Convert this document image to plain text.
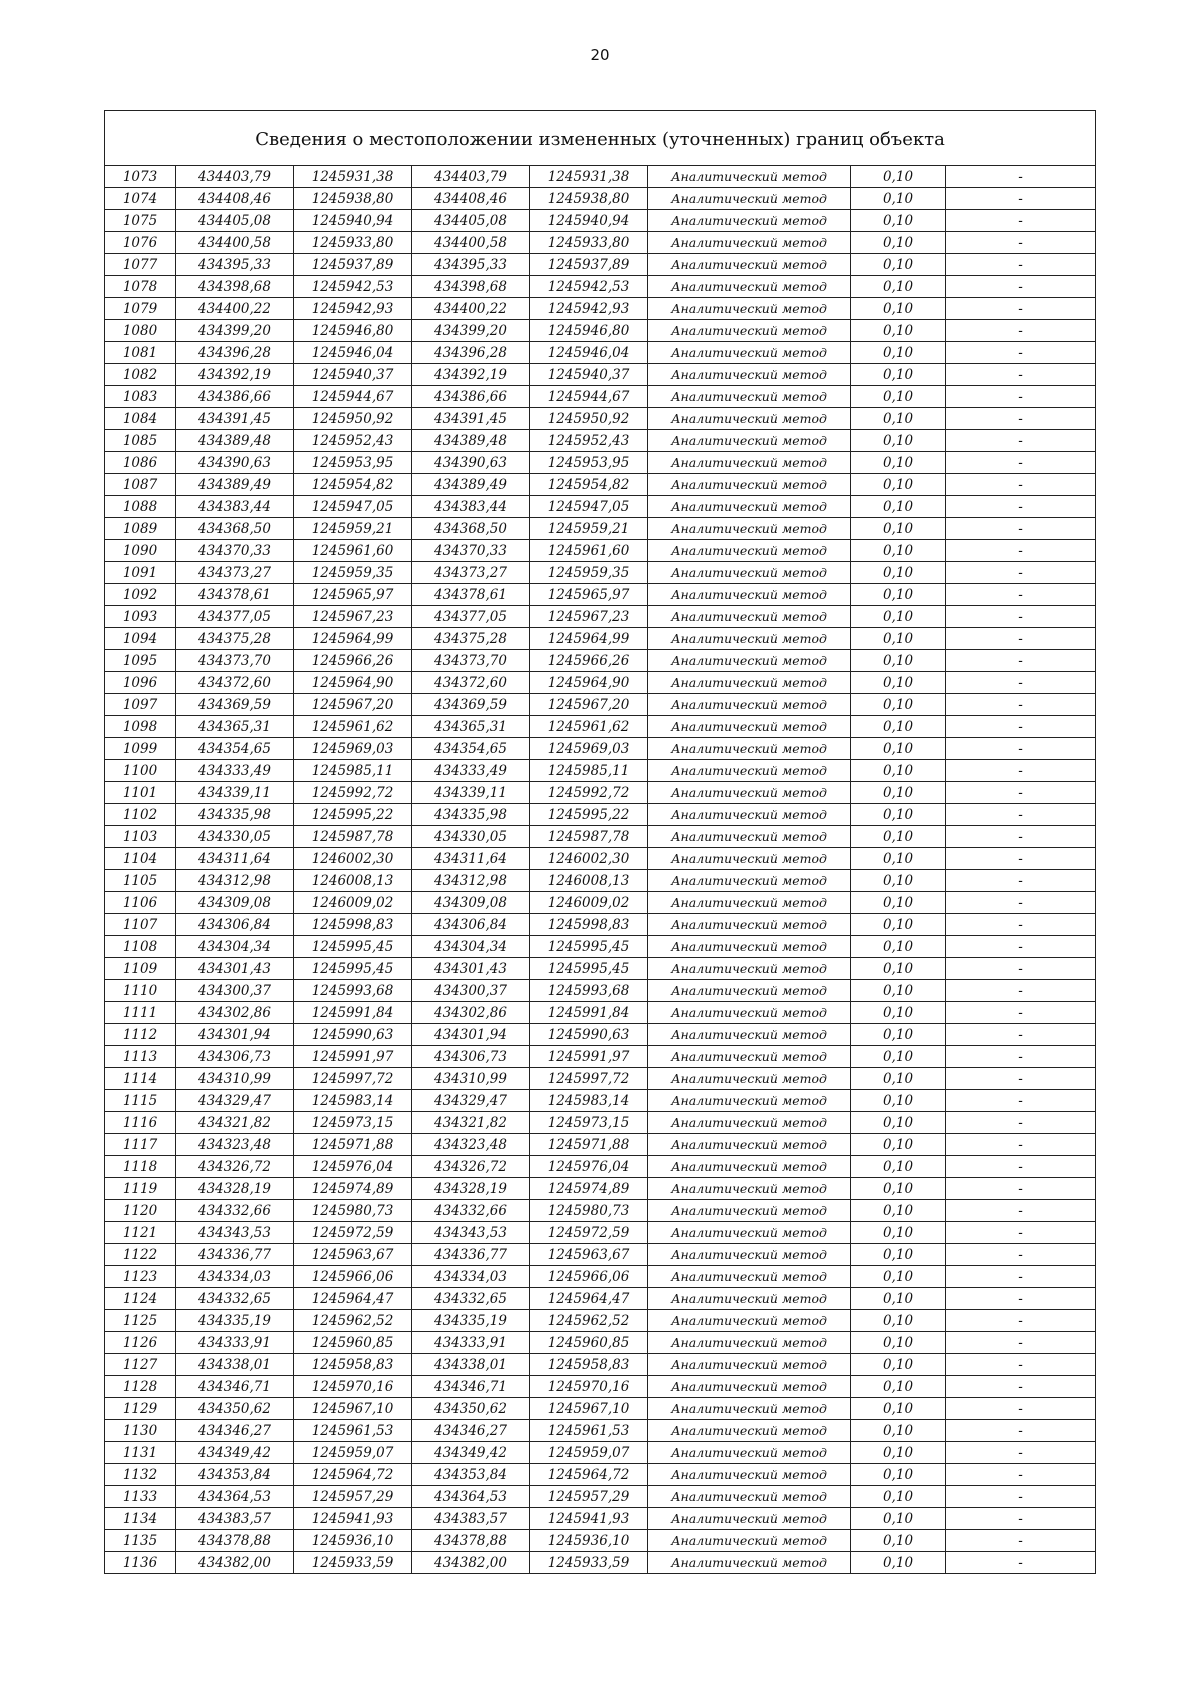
20
Сведения о местоположении измененных (уточненных) границ объекта							
1073	434403,79	1245931,38	434403,79	1245931,38	Аналитический метод	0,10	-
1074	434408,46	1245938,80	434408,46	1245938,80	Аналитический метод	0,10	-
1075	434405,08	1245940,94	434405,08	1245940,94	Аналитический метод	0,10	-
1076	434400,58	1245933,80	434400,58	1245933,80	Аналитический метод	0,10	-
1077	434395,33	1245937,89	434395,33	1245937,89	Аналитический метод	0,10	-
1078	434398,68	1245942,53	434398,68	1245942,53	Аналитический метод	0,10	-
1079	434400,22	1245942,93	434400,22	1245942,93	Аналитический метод	0,10	-
1080	434399,20	1245946,80	434399,20	1245946,80	Аналитический метод	0,10	-
1081	434396,28	1245946,04	434396,28	1245946,04	Аналитический метод	0,10	-
1082	434392,19	1245940,37	434392,19	1245940,37	Аналитический метод	0,10	-
1083	434386,66	1245944,67	434386,66	1245944,67	Аналитический метод	0,10	-
1084	434391,45	1245950,92	434391,45	1245950,92	Аналитический метод	0,10	-
1085	434389,48	1245952,43	434389,48	1245952,43	Аналитический метод	0,10	-
1086	434390,63	1245953,95	434390,63	1245953,95	Аналитический метод	0,10	-
1087	434389,49	1245954,82	434389,49	1245954,82	Аналитический метод	0,10	-
1088	434383,44	1245947,05	434383,44	1245947,05	Аналитический метод	0,10	-
1089	434368,50	1245959,21	434368,50	1245959,21	Аналитический метод	0,10	-
1090	434370,33	1245961,60	434370,33	1245961,60	Аналитический метод	0,10	-
1091	434373,27	1245959,35	434373,27	1245959,35	Аналитический метод	0,10	-
1092	434378,61	1245965,97	434378,61	1245965,97	Аналитический метод	0,10	-
1093	434377,05	1245967,23	434377,05	1245967,23	Аналитический метод	0,10	-
1094	434375,28	1245964,99	434375,28	1245964,99	Аналитический метод	0,10	-
1095	434373,70	1245966,26	434373,70	1245966,26	Аналитический метод	0,10	-
1096	434372,60	1245964,90	434372,60	1245964,90	Аналитический метод	0,10	-
1097	434369,59	1245967,20	434369,59	1245967,20	Аналитический метод	0,10	-
1098	434365,31	1245961,62	434365,31	1245961,62	Аналитический метод	0,10	-
1099	434354,65	1245969,03	434354,65	1245969,03	Аналитический метод	0,10	-
1100	434333,49	1245985,11	434333,49	1245985,11	Аналитический метод	0,10	-
1101	434339,11	1245992,72	434339,11	1245992,72	Аналитический метод	0,10	-
1102	434335,98	1245995,22	434335,98	1245995,22	Аналитический метод	0,10	-
1103	434330,05	1245987,78	434330,05	1245987,78	Аналитический метод	0,10	-
1104	434311,64	1246002,30	434311,64	1246002,30	Аналитический метод	0,10	-
1105	434312,98	1246008,13	434312,98	1246008,13	Аналитический метод	0,10	-
1106	434309,08	1246009,02	434309,08	1246009,02	Аналитический метод	0,10	-
1107	434306,84	1245998,83	434306,84	1245998,83	Аналитический метод	0,10	-
1108	434304,34	1245995,45	434304,34	1245995,45	Аналитический метод	0,10	-
1109	434301,43	1245995,45	434301,43	1245995,45	Аналитический метод	0,10	-
1110	434300,37	1245993,68	434300,37	1245993,68	Аналитический метод	0,10	-
1111	434302,86	1245991,84	434302,86	1245991,84	Аналитический метод	0,10	-
1112	434301,94	1245990,63	434301,94	1245990,63	Аналитический метод	0,10	-
1113	434306,73	1245991,97	434306,73	1245991,97	Аналитический метод	0,10	-
1114	434310,99	1245997,72	434310,99	1245997,72	Аналитический метод	0,10	-
1115	434329,47	1245983,14	434329,47	1245983,14	Аналитический метод	0,10	-
1116	434321,82	1245973,15	434321,82	1245973,15	Аналитический метод	0,10	-
1117	434323,48	1245971,88	434323,48	1245971,88	Аналитический метод	0,10	-
1118	434326,72	1245976,04	434326,72	1245976,04	Аналитический метод	0,10	-
1119	434328,19	1245974,89	434328,19	1245974,89	Аналитический метод	0,10	-
1120	434332,66	1245980,73	434332,66	1245980,73	Аналитический метод	0,10	-
1121	434343,53	1245972,59	434343,53	1245972,59	Аналитический метод	0,10	-
1122	434336,77	1245963,67	434336,77	1245963,67	Аналитический метод	0,10	-
1123	434334,03	1245966,06	434334,03	1245966,06	Аналитический метод	0,10	-
1124	434332,65	1245964,47	434332,65	1245964,47	Аналитический метод	0,10	-
1125	434335,19	1245962,52	434335,19	1245962,52	Аналитический метод	0,10	-
1126	434333,91	1245960,85	434333,91	1245960,85	Аналитический метод	0,10	-
1127	434338,01	1245958,83	434338,01	1245958,83	Аналитический метод	0,10	-
1128	434346,71	1245970,16	434346,71	1245970,16	Аналитический метод	0,10	-
1129	434350,62	1245967,10	434350,62	1245967,10	Аналитический метод	0,10	-
1130	434346,27	1245961,53	434346,27	1245961,53	Аналитический метод	0,10	-
1131	434349,42	1245959,07	434349,42	1245959,07	Аналитический метод	0,10	-
1132	434353,84	1245964,72	434353,84	1245964,72	Аналитический метод	0,10	-
1133	434364,53	1245957,29	434364,53	1245957,29	Аналитический метод	0,10	-
1134	434383,57	1245941,93	434383,57	1245941,93	Аналитический метод	0,10	-
1135	434378,88	1245936,10	434378,88	1245936,10	Аналитический метод	0,10	-
1136	434382,00	1245933,59	434382,00	1245933,59	Аналитический метод	0,10	-
